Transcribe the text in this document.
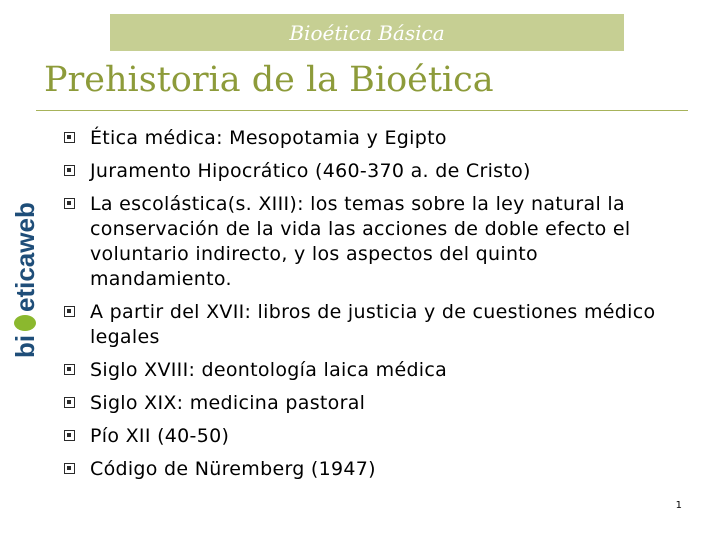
Bioética Básica
Prehistoria de la Bioética
bi
eticaweb
Ética médica: Mesopotamia y Egipto
Juramento Hipocrático (460-370 a. de Cristo)
La escolástica(s. XIII): los temas sobre la ley natural la conservación de la vida las acciones de doble efecto el voluntario indirecto, y los aspectos del quinto mandamiento.
A partir del XVII: libros de justicia y de cuestiones médico legales
Siglo XVIII: deontología laica médica
Siglo XIX: medicina pastoral
Pío XII (40-50)
Código de Nüremberg (1947)
1
